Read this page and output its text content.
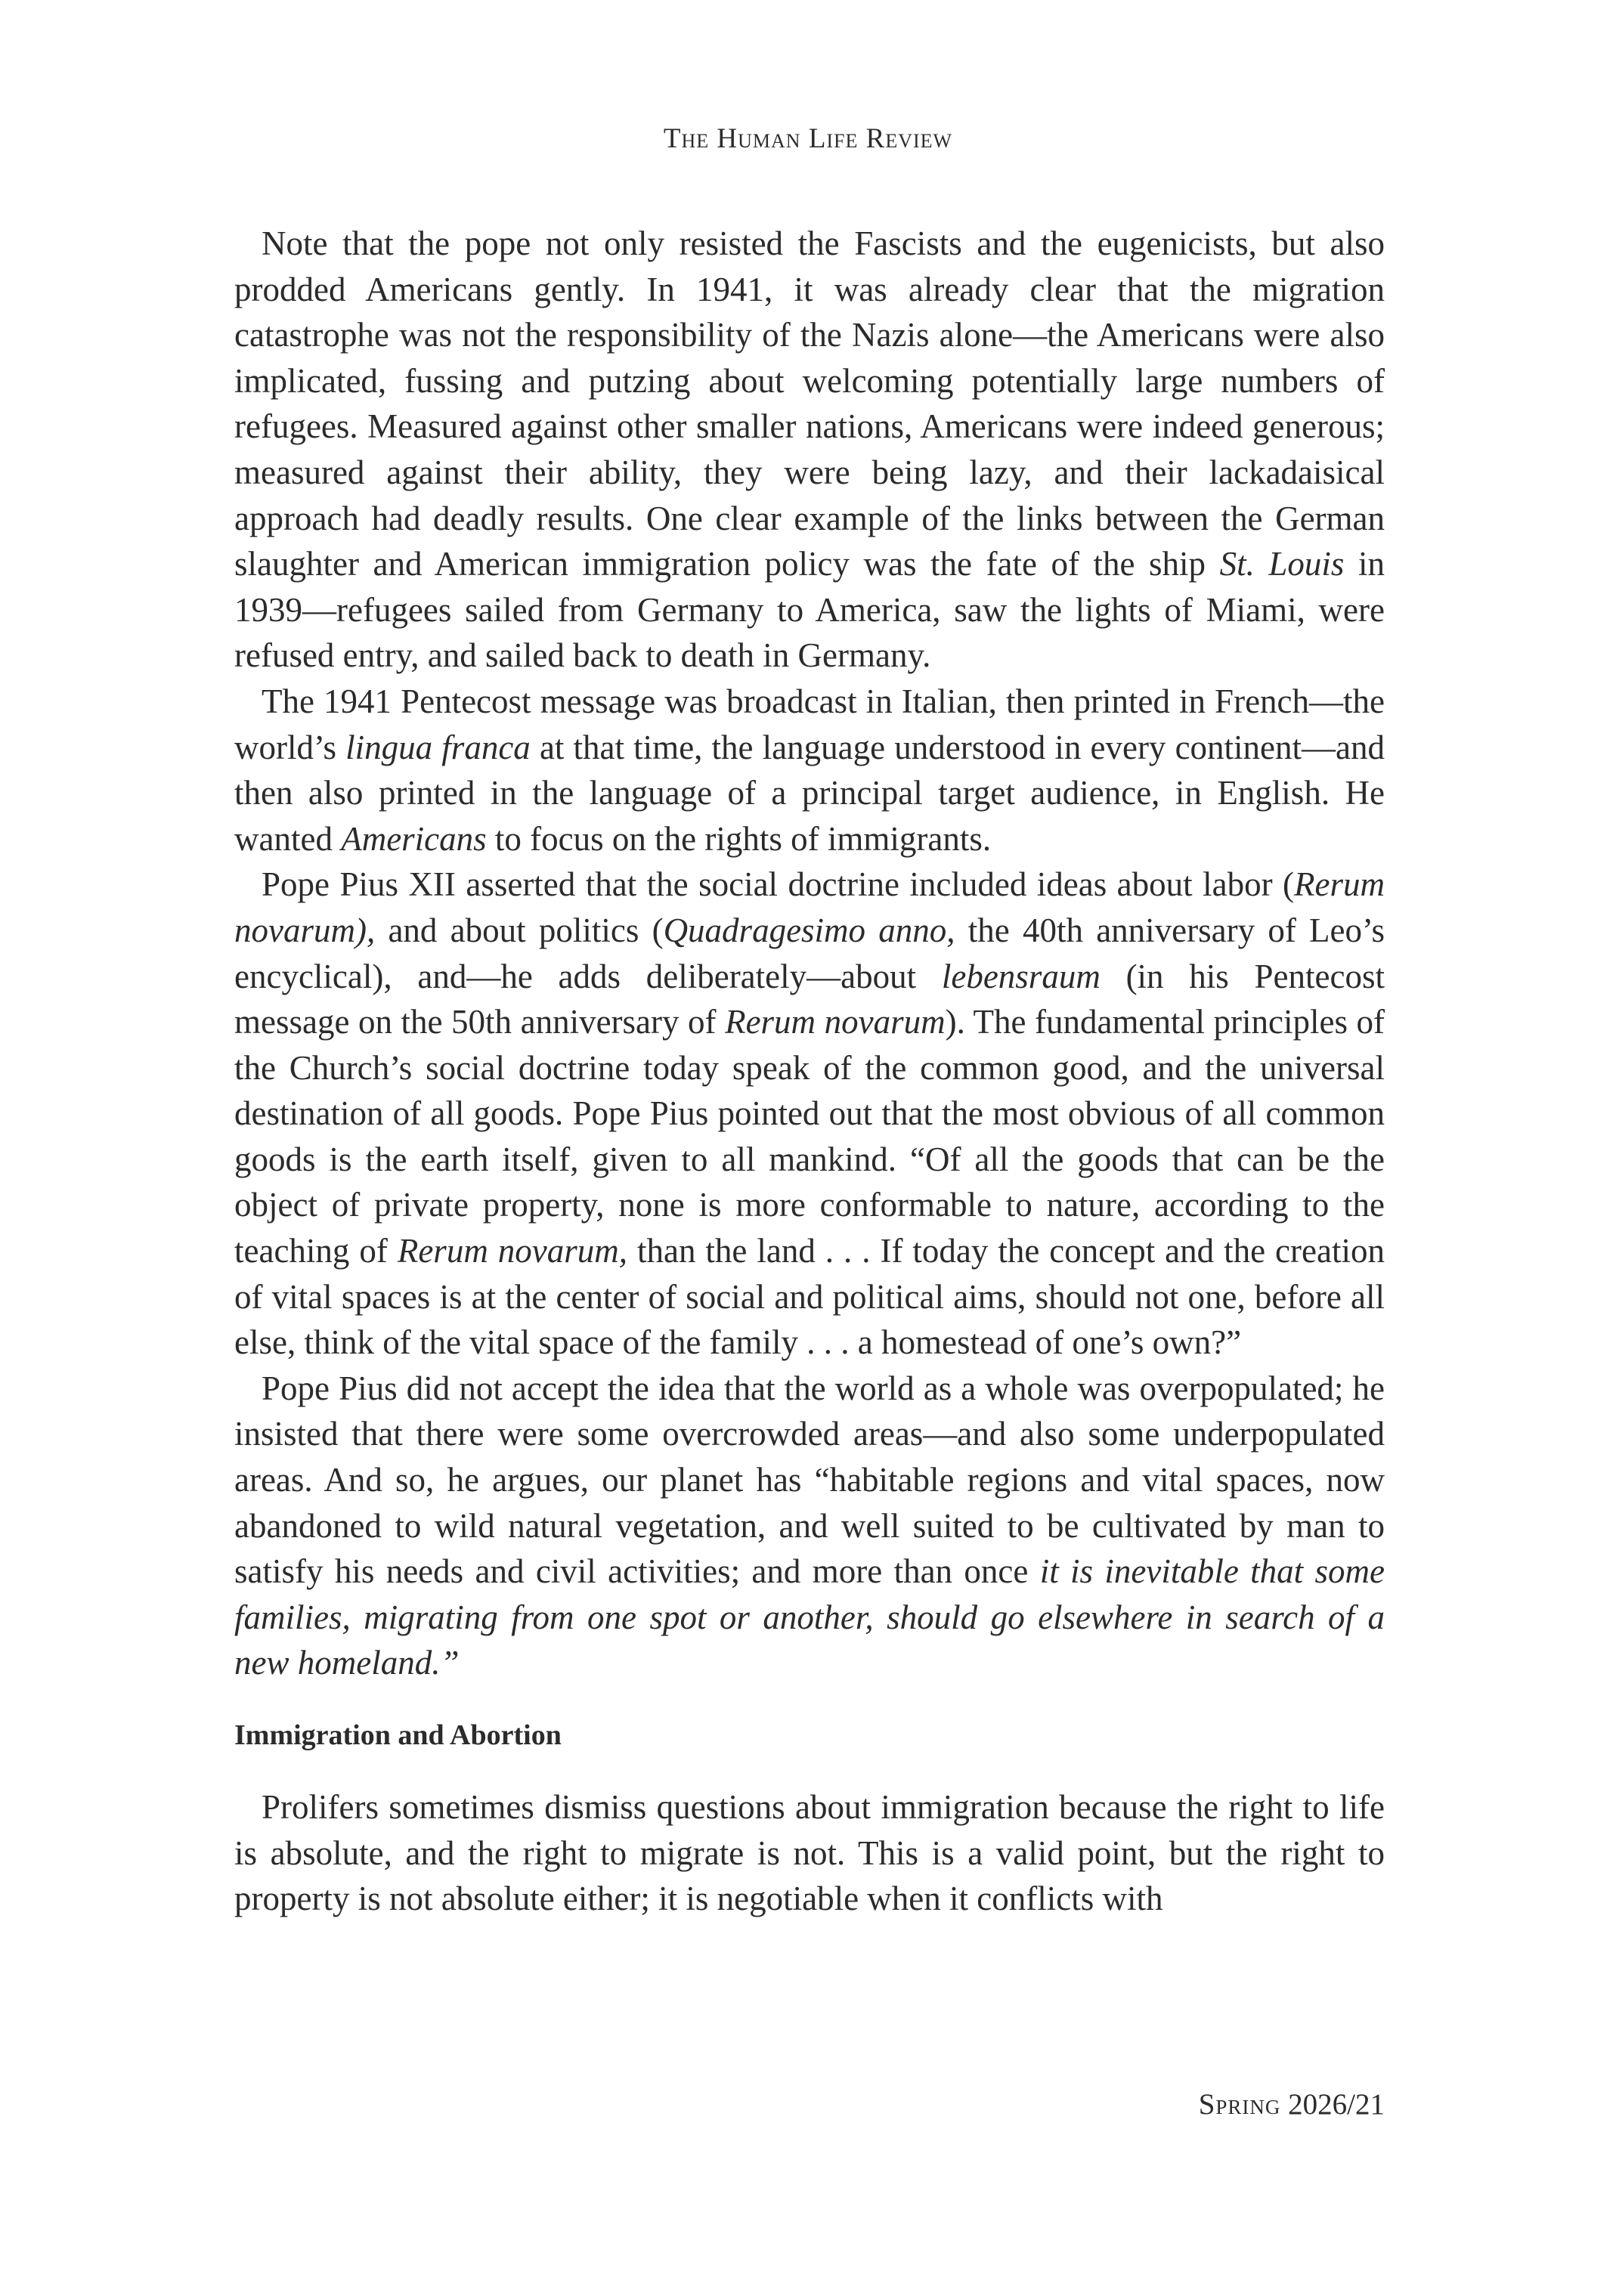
The Human Life Review

Note that the pope not only resisted the Fascists and the eugenicists, but also prodded Americans gently. In 1941, it was already clear that the migration catastrophe was not the responsibility of the Nazis alone—the Americans were also implicated, fussing and putzing about welcoming potentially large numbers of refugees. Measured against other smaller nations, Americans were indeed generous; measured against their ability, they were being lazy, and their lackadaisical approach had deadly results. One clear example of the links between the German slaughter and American immigration policy was the fate of the ship St. Louis in 1939—refugees sailed from Germany to America, saw the lights of Miami, were refused entry, and sailed back to death in Germany.

The 1941 Pentecost message was broadcast in Italian, then printed in French—the world’s lingua franca at that time, the language understood in every continent—and then also printed in the language of a principal target audience, in English. He wanted Americans to focus on the rights of immigrants.

Pope Pius XII asserted that the social doctrine included ideas about labor (Rerum novarum), and about politics (Quadragesimo anno, the 40th anniversary of Leo’s encyclical), and—he adds deliberately—about lebensraum (in his Pentecost message on the 50th anniversary of Rerum novarum). The fundamental principles of the Church’s social doctrine today speak of the common good, and the universal destination of all goods. Pope Pius pointed out that the most obvious of all common goods is the earth itself, given to all mankind. “Of all the goods that can be the object of private property, none is more conformable to nature, according to the teaching of Rerum novarum, than the land . . . If today the concept and the creation of vital spaces is at the center of social and political aims, should not one, before all else, think of the vital space of the family . . . a homestead of one’s own?”

Pope Pius did not accept the idea that the world as a whole was overpopulated; he insisted that there were some overcrowded areas—and also some underpopulated areas. And so, he argues, our planet has “habitable regions and vital spaces, now abandoned to wild natural vegetation, and well suited to be cultivated by man to satisfy his needs and civil activities; and more than once it is inevitable that some families, migrating from one spot or another, should go elsewhere in search of a new homeland.”

Immigration and Abortion

Prolifers sometimes dismiss questions about immigration because the right to life is absolute, and the right to migrate is not. This is a valid point, but the right to property is not absolute either; it is negotiable when it conflicts with

Spring 2026/21
